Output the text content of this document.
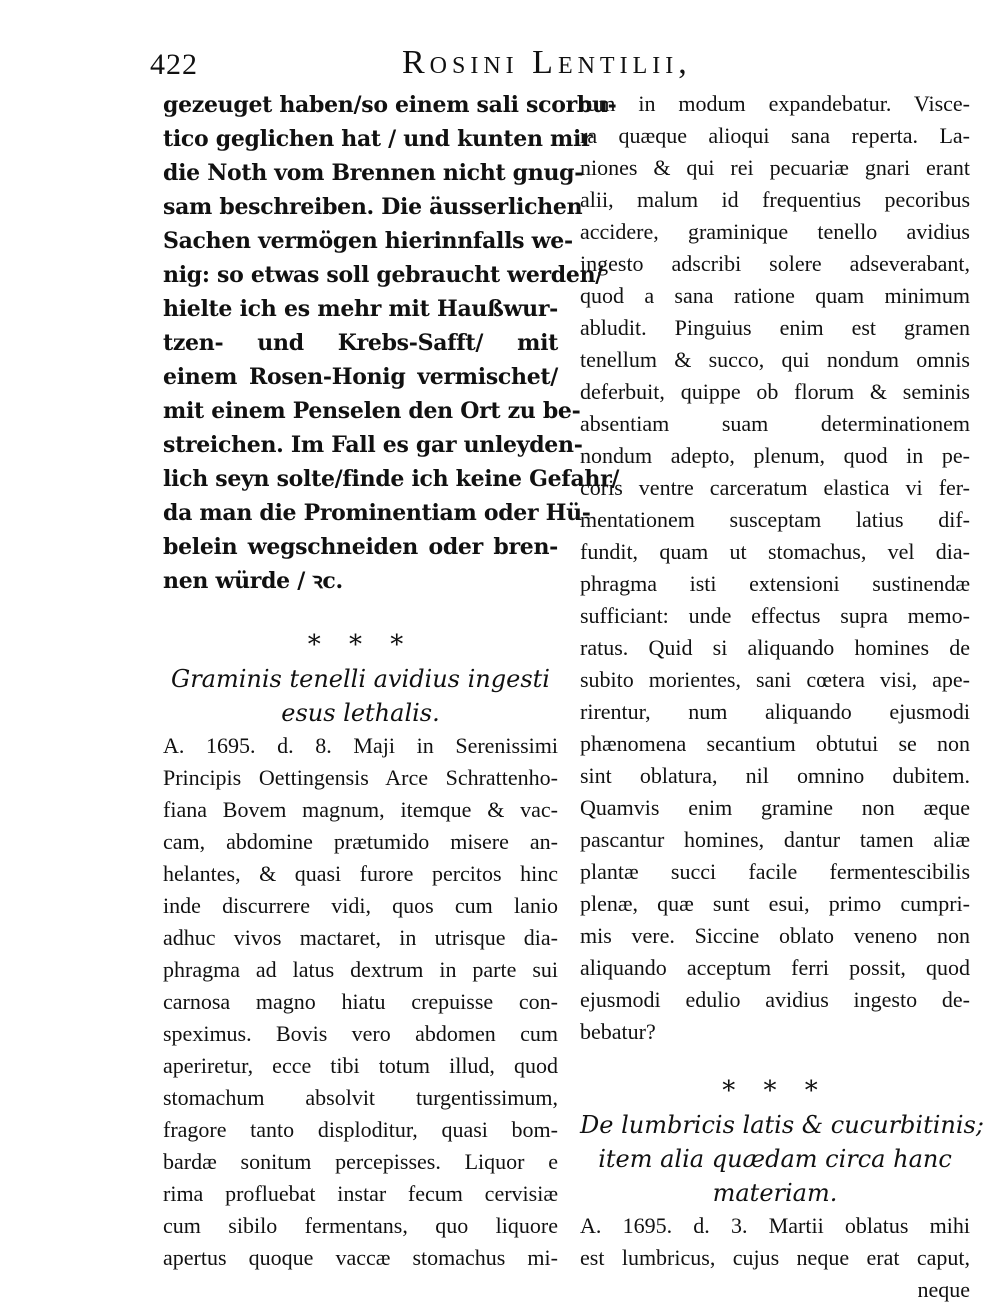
422	Rosini Lentilii,
gezeuget haben/so einem sali scorbu-
tico geglichen hat / und kunten mir
die Noth vom Brennen nicht gnug-
sam beschreiben. Die äusserlichen
Sachen vermögen hierinnfalls we-
nig: so etwas soll gebraucht werden/
hielte ich es mehr mit Haußwur-
tzen- und Krebs-Safft/ mit
einem Rosen-Honig vermischet/
mit einem Penselen den Ort zu be-
streichen. Im Fall es gar unleyden-
lich seyn solte/finde ich keine Gefahr/
da man die Prominentiam oder Hü-
belein wegschneiden oder bren-
nen würde / ꝛc.
* * *
Graminis tenelli avidius ingesti
esus lethalis.
A. 1695. d. 8. Maji in Serenissimi
Principis Oettingensis Arce Schrattenho-
fiana Bovem magnum, itemque & vac-
cam, abdomine prætumido misere an-
helantes, & quasi furore percitos hinc
inde discurrere vidi, quos cum lanio
adhuc vivos mactaret, in utrisque dia-
phragma ad latus dextrum in parte sui
carnosa magno hiatu crepuisse con-
speximus. Bovis vero abdomen cum
aperiretur, ecce tibi totum illud, quod
stomachum absolvit turgentissimum,
fragore tanto disploditur, quasi bom-
bardæ sonitum percepisses. Liquor e
rima profluebat instar fecum cervisiæ
cum sibilo fermentans, quo liquore
apertus quoque vaccæ stomachus mi-
rum in modum expandebatur. Visce-
ra quæque alioqui sana reperta. La-
niones & qui rei pecuariæ gnari erant
alii, malum id frequentius pecoribus
accidere, graminique tenello avidius
ingesto adscribi solere adseverabant,
quod a sana ratione quam minimum
abludit. Pinguius enim est gramen
tenellum & succo, qui nondum omnis
deferbuit, quippe ob florum & seminis
absentiam suam determinationem
nondum adepto, plenum, quod in pe-
coris ventre carceratum elastica vi fer-
mentationem susceptam latius dif-
fundit, quam ut stomachus, vel dia-
phragma isti extensioni sustinendæ
sufficiant: unde effectus supra memo-
ratus. Quid si aliquando homines de
subito morientes, sani cœtera visi, ape-
rirentur, num aliquando ejusmodi
phænomena secantium obtutui se non
sint oblatura, nil omnino dubitem.
Quamvis enim gramine non æque
pascantur homines, dantur tamen aliæ
plantæ succi facile fermentescibilis
plenæ, quæ sunt esui, primo cumpri-
mis vere. Siccine oblato veneno non
aliquando acceptum ferri possit, quod
ejusmodi edulio avidius ingesto de-
bebatur?
* * *
De lumbricis latis & cucurbitinis;
item alia quædam circa hanc
materiam.
A. 1695. d. 3. Martii oblatus mihi
est lumbricus, cujus neque erat caput,
neque
